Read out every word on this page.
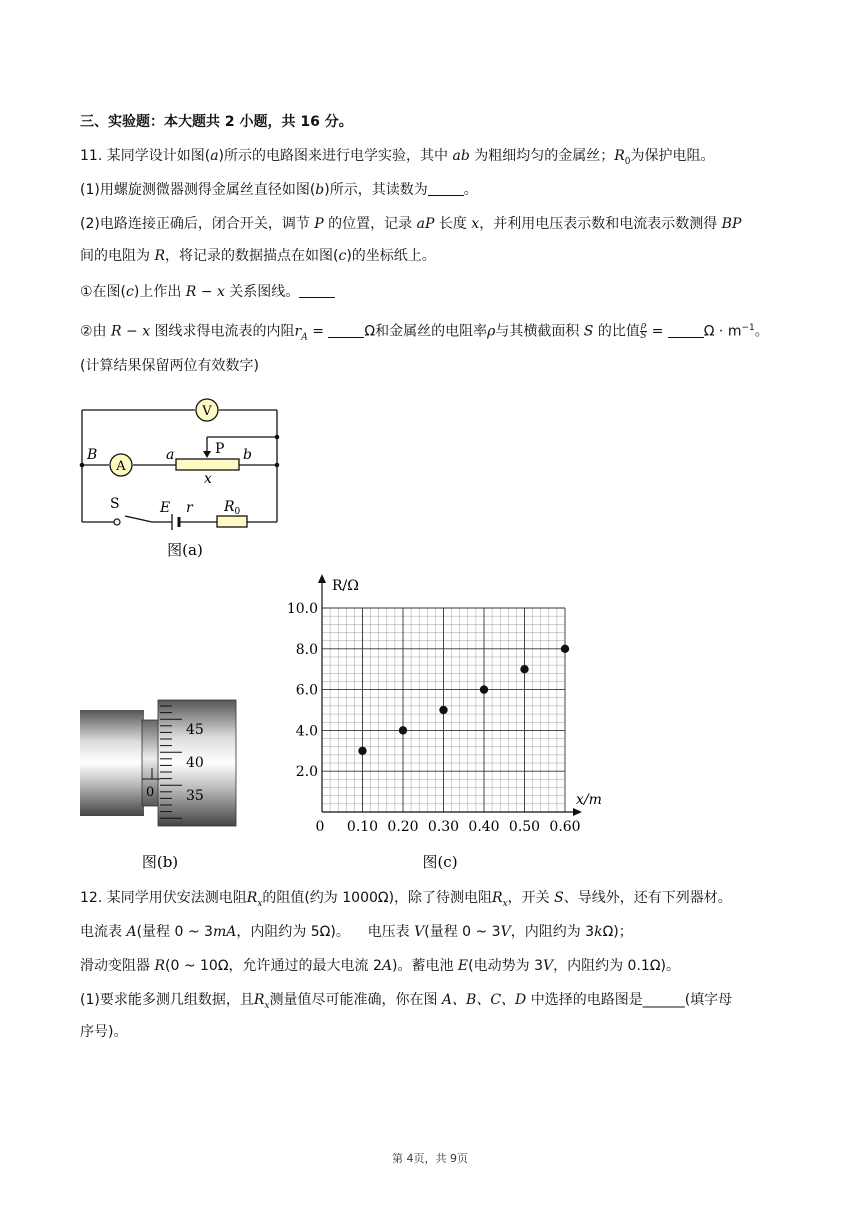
三、实验题：本大题共 2 小题，共 16 分。
11. 某同学设计如图(a)所示的电路图来进行电学实验，其中 ab 为粗细均匀的金属丝；$R_0$为保护电阻。
(1)用螺旋测微器测得金属丝直径如图(b)所示，其读数为	。
(2)电路连接正确后，闭合开关，调节 P 的位置，记录 aP 长度 x，并利用电压表示数和电流表示数测得 BP
间的电阻为 R，将记录的数据描点在如图(c)的坐标纸上。
①在图(c)上作出 R − x 关系图线。
②由 R − x 图线求得电流表的内阻$r_A$ =	Ω和金属丝的电阻率ρ与其横截面积 S 的比值 $\frac{\rho}{S}$ =	$\Omega \cdot m^{-1}$。
(计算结果保留两位有效数字)
V
A
B	a	b
P
x
S	E r $R_0$
图(a)
0
45
40
35
图(b)
R/Ω
x/m
2.0
4.0
6.0
8.0
10.0
0 0.10 0.20 0.30 0.40 0.50 0.60
图(c)
12. 某同学用伏安法测电阻$R_x$的阻值(约为 1000Ω)，除了待测电阻$R_x$，开关 S、导线外，还有下列器材。
电流表 A(量程 0 ~ 3mA，内阻约为 5Ω)。    电压表 V(量程 0 ~ 3V，内阻约为 3kΩ)；
滑动变阻器 R(0 ~ 10Ω，允许通过的最大电流 2A)。蓄电池 E(电动势为 3V，内阻约为 0.1Ω)。
(1)要求能多测几组数据，且$R_x$测量值尽可能准确，你在图 A、B、C、D 中选择的电路图是______(填字母
序号)。
第 4页，共 9页
